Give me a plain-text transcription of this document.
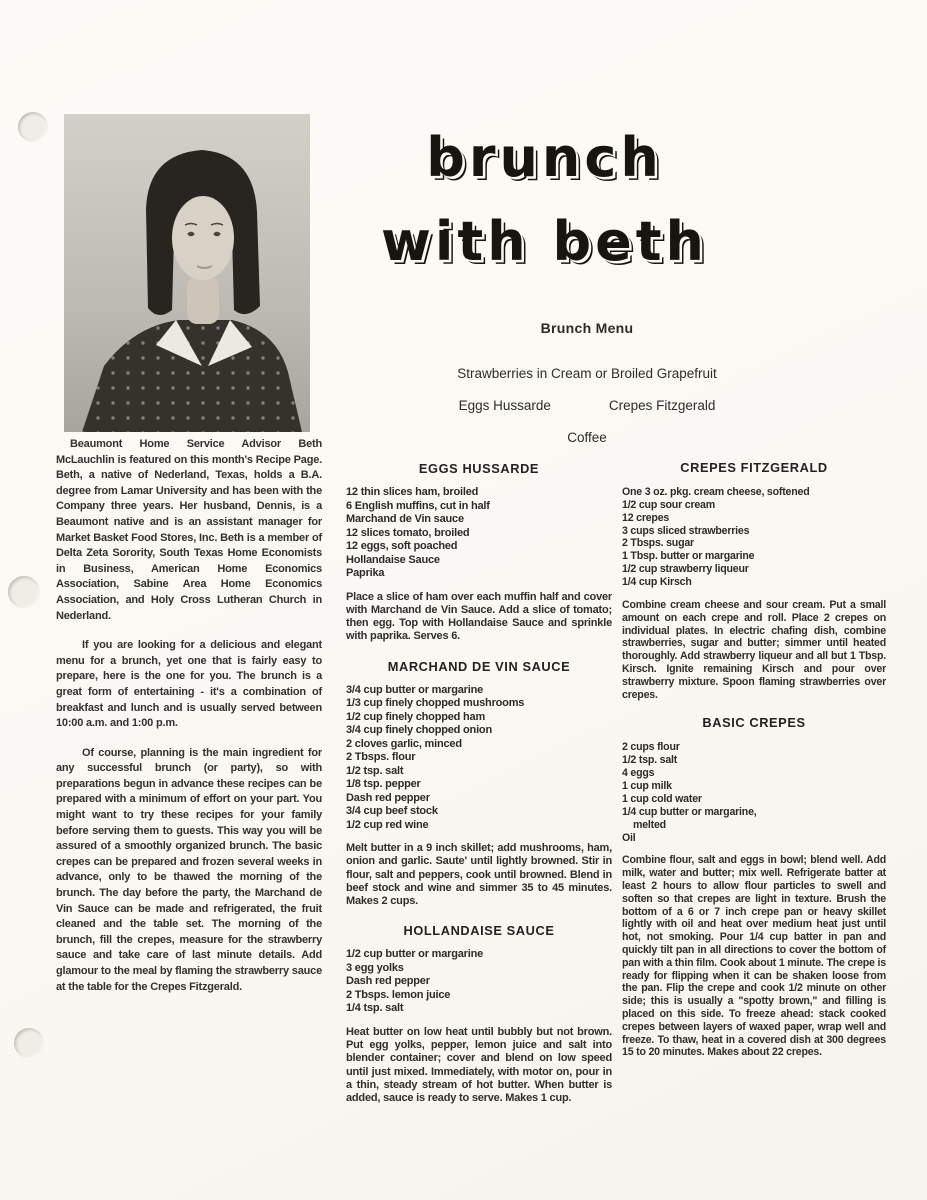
brunch
with beth
Brunch Menu
Strawberries in Cream or Broiled Grapefruit
Eggs Hussarde	Crepes Fitzgerald
Coffee

Beaumont Home Service Advisor Beth McLauchlin is featured on this month's Recipe Page. Beth, a native of Nederland, Texas, holds a B.A. degree from Lamar University and has been with the Company three years. Her husband, Dennis, is a Beaumont native and is an assistant manager for Market Basket Food Stores, Inc. Beth is a member of Delta Zeta Sorority, South Texas Home Economists in Business, American Home Economics Association, Sabine Area Home Economics Association, and Holy Cross Lutheran Church in Nederland.

If you are looking for a delicious and elegant menu for a brunch, yet one that is fairly easy to prepare, here is the one for you. The brunch is a great form of entertaining - it's a combination of breakfast and lunch and is usually served between 10:00 a.m. and 1:00 p.m.

Of course, planning is the main ingredient for any successful brunch (or party), so with preparations begun in advance these recipes can be prepared with a minimum of effort on your part. You might want to try these recipes for your family before serving them to guests. This way you will be assured of a smoothly organized brunch. The basic crepes can be prepared and frozen several weeks in advance, only to be thawed the morning of the brunch. The day before the party, the Marchand de Vin Sauce can be made and refrigerated, the fruit cleaned and the table set. The morning of the brunch, fill the crepes, measure for the strawberry sauce and take care of last minute details. Add glamour to the meal by flaming the strawberry sauce at the table for the Crepes Fitzgerald.

EGGS HUSSARDE
12 thin slices ham, broiled
6 English muffins, cut in half
Marchand de Vin sauce
12 slices tomato, broiled
12 eggs, soft poached
Hollandaise Sauce
Paprika

Place a slice of ham over each muffin half and cover with Marchand de Vin Sauce. Add a slice of tomato; then egg. Top with Hollandaise Sauce and sprinkle with paprika. Serves 6.

MARCHAND DE VIN SAUCE
3/4 cup butter or margarine
1/3 cup finely chopped mushrooms
1/2 cup finely chopped ham
3/4 cup finely chopped onion
2 cloves garlic, minced
2 Tbsps. flour
1/2 tsp. salt
1/8 tsp. pepper
Dash red pepper
3/4 cup beef stock
1/2 cup red wine

Melt butter in a 9 inch skillet; add mushrooms, ham, onion and garlic. Saute' until lightly browned. Stir in flour, salt and peppers, cook until browned. Blend in beef stock and wine and simmer 35 to 45 minutes. Makes 2 cups.

HOLLANDAISE SAUCE
1/2 cup butter or margarine
3 egg yolks
Dash red pepper
2 Tbsps. lemon juice
1/4 tsp. salt

Heat butter on low heat until bubbly but not brown. Put egg yolks, pepper, lemon juice and salt into blender container; cover and blend on low speed until just mixed. Immediately, with motor on, pour in a thin, steady stream of hot butter. When butter is added, sauce is ready to serve. Makes 1 cup.

CREPES FITZGERALD
One 3 oz. pkg. cream cheese, softened
1/2 cup sour cream
12 crepes
3 cups sliced strawberries
2 Tbsps. sugar
1 Tbsp. butter or margarine
1/2 cup strawberry liqueur
1/4 cup Kirsch

Combine cream cheese and sour cream. Put a small amount on each crepe and roll. Place 2 crepes on individual plates. In electric chafing dish, combine strawberries, sugar and butter; simmer until heated thoroughly. Add strawberry liqueur and all but 1 Tbsp. Kirsch. Ignite remaining Kirsch and pour over strawberry mixture. Spoon flaming strawberries over crepes.

BASIC CREPES
2 cups flour
1/2 tsp. salt
4 eggs
1 cup milk
1 cup cold water
1/4 cup butter or margarine,
melted
Oil

Combine flour, salt and eggs in bowl; blend well. Add milk, water and butter; mix well. Refrigerate batter at least 2 hours to allow flour particles to swell and soften so that crepes are light in texture. Brush the bottom of a 6 or 7 inch crepe pan or heavy skillet lightly with oil and heat over medium heat just until hot, not smoking. Pour 1/4 cup batter in pan and quickly tilt pan in all directions to cover the bottom of pan with a thin film. Cook about 1 minute. The crepe is ready for flipping when it can be shaken loose from the pan. Flip the crepe and cook 1/2 minute on other side; this is usually a "spotty brown," and filling is placed on this side. To freeze ahead: stack cooked crepes between layers of waxed paper, wrap well and freeze. To thaw, heat in a covered dish at 300 degrees 15 to 20 minutes. Makes about 22 crepes.
